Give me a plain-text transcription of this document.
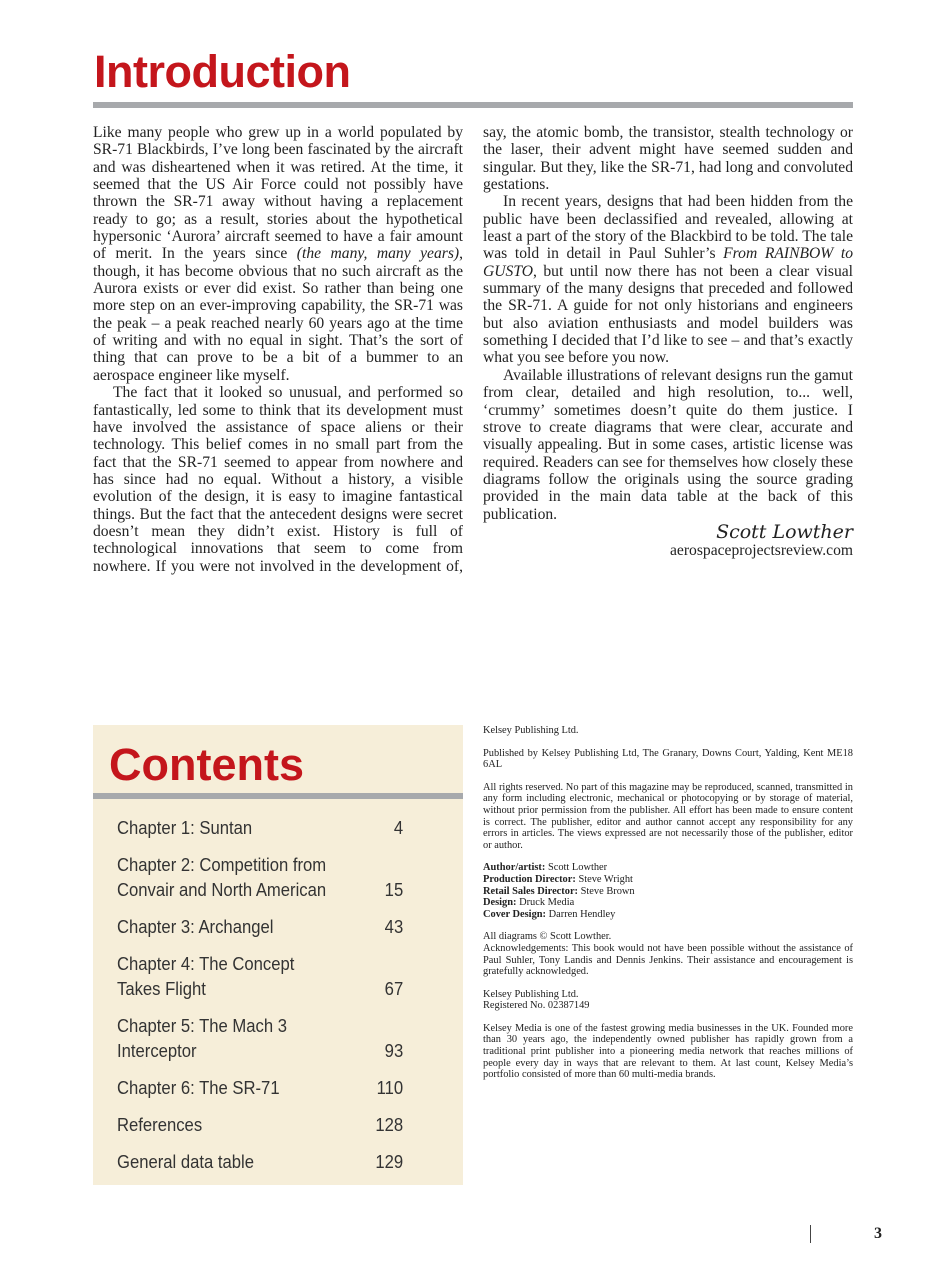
Introduction

Like many people who grew up in a world populated by SR-71 Blackbirds, I’ve long been fascinated by the aircraft and was disheartened when it was retired. At the time, it seemed that the US Air Force could not possibly have thrown the SR-71 away without having a replacement ready to go; as a result, stories about the hypothetical hypersonic ‘Aurora’ aircraft seemed to have a fair amount of merit. In the years since (the many, many years), though, it has become obvious that no such aircraft as the Aurora exists or ever did exist. So rather than being one more step on an ever-improving capability, the SR-71 was the peak – a peak reached nearly 60 years ago at the time of writing and with no equal in sight. That’s the sort of thing that can prove to be a bit of a bummer to an aerospace engineer like myself.

The fact that it looked so unusual, and performed so fantastically, led some to think that its development must have involved the assistance of space aliens or their technology. This belief comes in no small part from the fact that the SR-71 seemed to appear from nowhere and has since had no equal. Without a history, a visible evolution of the design, it is easy to imagine fantastical things. But the fact that the antecedent designs were secret doesn’t mean they didn’t exist. History is full of technological innovations that seem to come from nowhere. If you were not involved in the development of, say, the atomic bomb, the transistor, stealth technology or the laser, their advent might have seemed sudden and singular. But they, like the SR-71, had long and convoluted gestations.

In recent years, designs that had been hidden from the public have been declassified and revealed, allowing at least a part of the story of the Blackbird to be told. The tale was told in detail in Paul Suhler’s From RAINBOW to GUSTO, but until now there has not been a clear visual summary of the many designs that preceded and followed the SR-71. A guide for not only historians and engineers but also aviation enthusiasts and model builders was something I decided that I’d like to see – and that’s exactly what you see before you now.

Available illustrations of relevant designs run the gamut from clear, detailed and high resolution, to... well, ‘crummy’ sometimes doesn’t quite do them justice. I strove to create diagrams that were clear, accurate and visually appealing. But in some cases, artistic license was required. Readers can see for themselves how closely these diagrams follow the originals using the source grading provided in the main data table at the back of this publication.

Scott Lowther
aerospaceprojectsreview.com
Contents
Chapter 1: Suntan	4
Chapter 2: Competition from Convair and North American	15
Chapter 3: Archangel	43
Chapter 4: The Concept Takes Flight	67
Chapter 5: The Mach 3 Interceptor	93
Chapter 6: The SR-71	110
References	128
General data table	129

Kelsey Publishing Ltd.

Published by Kelsey Publishing Ltd, The Granary, Downs Court, Yalding, Kent ME18 6AL

All rights reserved. No part of this magazine may be reproduced, scanned, transmitted in any form including electronic, mechanical or photocopying or by storage of material, without prior permission from the publisher. All effort has been made to ensure content is correct. The publisher, editor and author cannot accept any responsibility for any errors in articles. The views expressed are not necessarily those of the publisher, editor or author.

Author/artist: Scott Lowther
Production Director: Steve Wright
Retail Sales Director: Steve Brown
Design: Druck Media
Cover Design: Darren Hendley

All diagrams © Scott Lowther.
Acknowledgements: This book would not have been possible without the assistance of Paul Suhler, Tony Landis and Dennis Jenkins. Their assistance and encouragement is gratefully acknowledged.

Kelsey Publishing Ltd.
Registered No. 02387149

Kelsey Media is one of the fastest growing media businesses in the UK. Founded more than 30 years ago, the independently owned publisher has rapidly grown from a traditional print publisher into a pioneering media network that reaches millions of people every day in ways that are relevant to them. At last count, Kelsey Media’s portfolio consisted of more than 60 multi-media brands.

3
